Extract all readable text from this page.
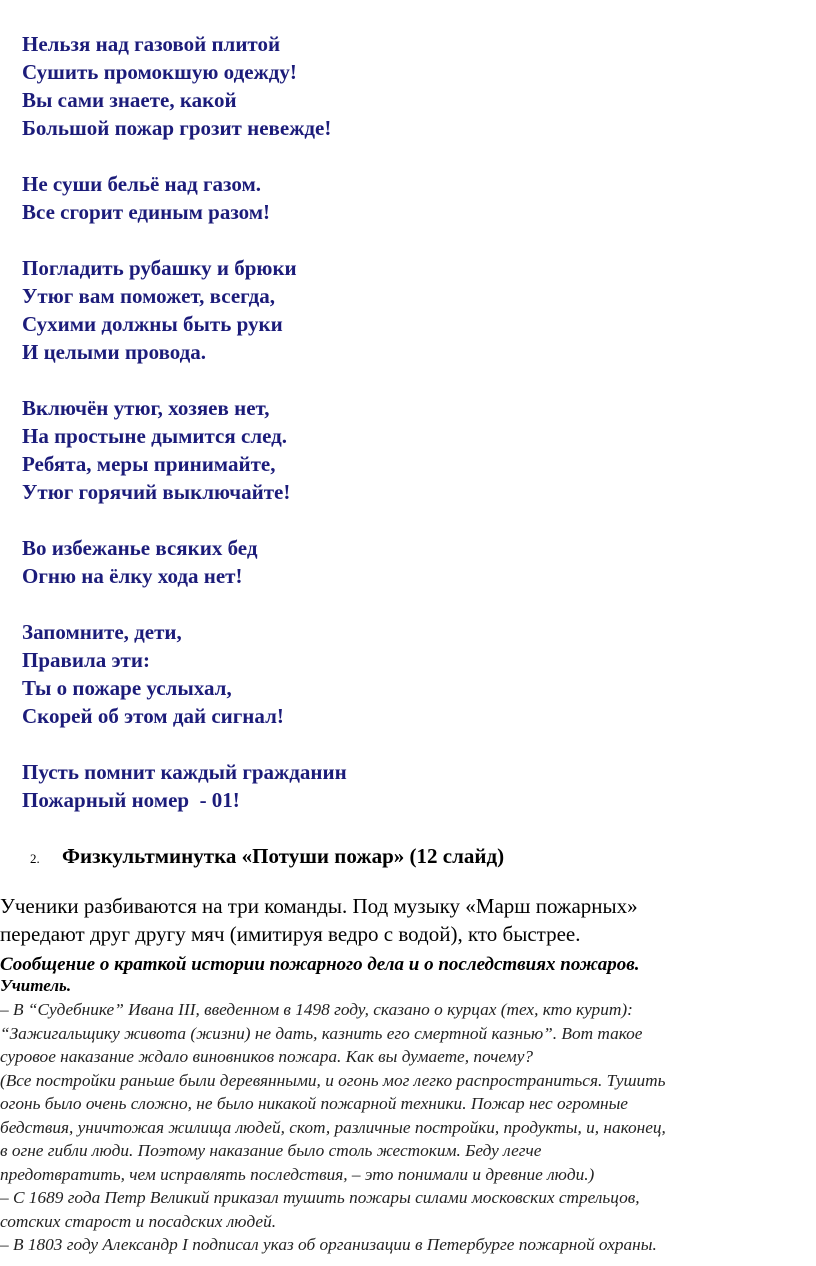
Нельзя над газовой плитой
Сушить промокшую одежду!
Вы сами знаете, какой
Большой пожар грозит невежде!
Не суши бельё над газом.
Все сгорит единым разом!
Погладить рубашку и брюки
Утюг вам поможет, всегда,
Сухими должны быть руки
И целыми провода.
Включён утюг, хозяев нет,
На простыне дымится след.
Ребята, меры принимайте,
Утюг горячий выключайте!
Во избежанье всяких бед
Огню на ёлку хода нет!
Запомните, дети,
Правила эти:
Ты о пожаре услыхал,
Скорей об этом дай сигнал!
Пусть помнит каждый гражданин
Пожарный номер  - 01!
2. Физкультминутка «Потуши пожар» (12 слайд)
Ученики разбиваются на три команды. Под музыку «Марш пожарных»
передают друг другу мяч (имитируя ведро с водой), кто быстрее.
Сообщение о краткой истории пожарного дела и о последствиях пожаров.
Учитель.
– В “Судебнике” Ивана III, введенном в 1498 году, сказано о курцах (тех, кто курит):
“Зажигальщику живота (жизни) не дать, казнить его смертной казнью”. Вот такое
суровое наказание ждало виновников пожара. Как вы думаете, почему?
(Все постройки раньше были деревянными, и огонь мог легко распространиться. Тушить
огонь было очень сложно, не было никакой пожарной техники. Пожар нес огромные
бедствия, уничтожая жилища людей, скот, различные постройки, продукты, и, наконец,
в огне гибли люди. Поэтому наказание было столь жестоким. Беду легче
предотвратить, чем исправлять последствия, – это понимали и древние люди.)
– С 1689 года Петр Великий приказал тушить пожары силами московских стрельцов,
сотских старост и посадских людей.
– В 1803 году Александр I подписал указ об организации в Петербурге пожарной охраны.
